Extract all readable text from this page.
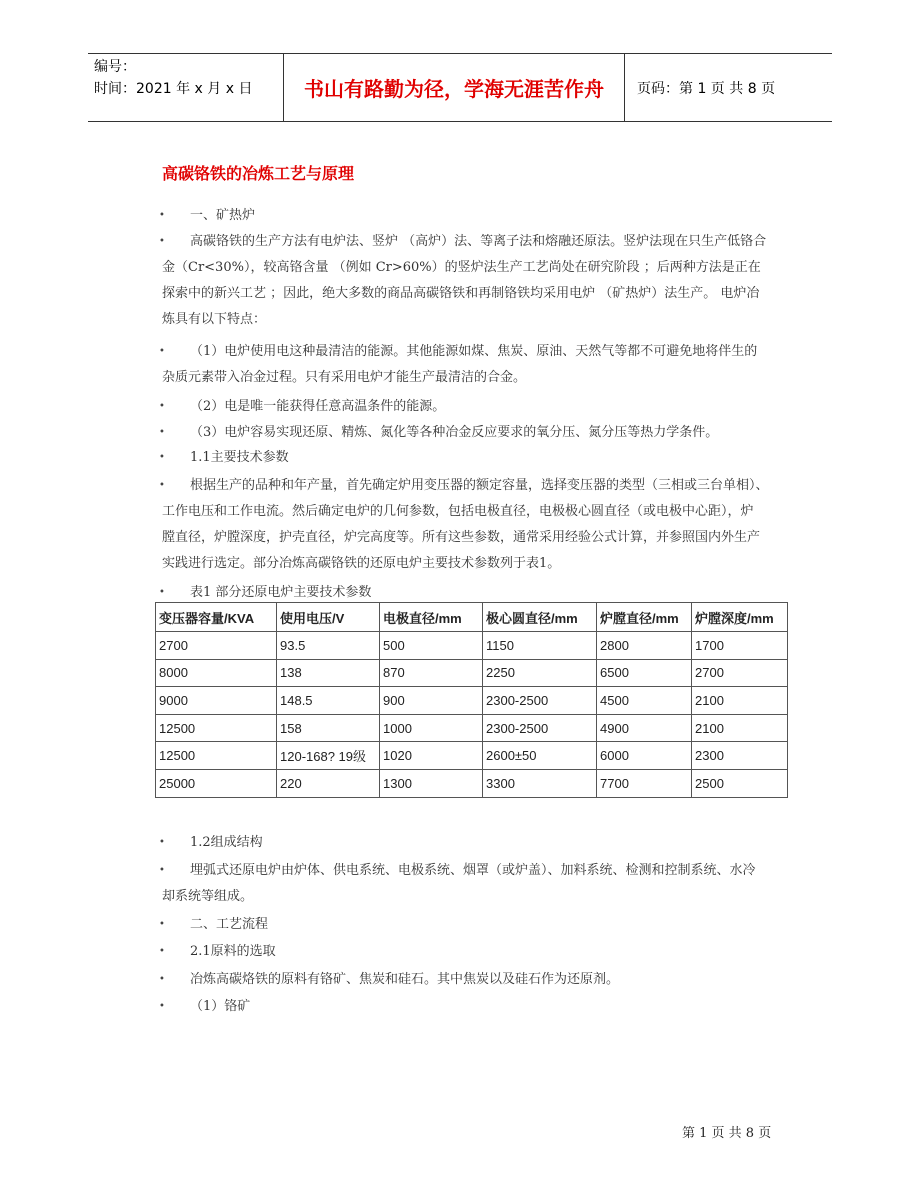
编号：
时间：2021 年 x 月 x 日	书山有路勤为径，学海无涯苦作舟	页码：第 1 页 共 8 页
高碳铬铁的冶炼工艺与原理
•	一、矿热炉
•	高碳铬铁的生产方法有电炉法、竖炉 （高炉）法、等离子法和熔融还原法。竖炉法现在只生产低铬合
金（Cr<30%），较高铬含量 （例如 Cr>60%）的竖炉法生产工艺尚处在研究阶段 ；后两种方法是正在
探索中的新兴工艺 ；因此，绝大多数的商品高碳铬铁和再制铬铁均采用电炉 （矿热炉）法生产。 电炉冶
炼具有以下特点：
•	（1）电炉使用电这种最清洁的能源。其他能源如煤、焦炭、原油、天然气等都不可避免地将伴生的
杂质元素带入冶金过程。只有采用电炉才能生产最清洁的合金。
•	（2）电是唯一能获得任意高温条件的能源。
•	（3）电炉容易实现还原、精炼、氮化等各种冶金反应要求的氧分压、氮分压等热力学条件。
•	1.1主要技术参数
•	根据生产的品种和年产量，首先确定炉用变压器的额定容量，选择变压器的类型（三相或三台单相）、
工作电压和工作电流。然后确定电炉的几何参数，包括电极直径，电极极心圆直径（或电极中心距），炉
膛直径，炉膛深度，护壳直径，炉完高度等。所有这些参数，通常采用经验公式计算，并参照国内外生产
实践进行选定。部分冶炼高碳铬铁的还原电炉主要技术参数列于表1。
•	表1 部分还原电炉主要技术参数
变压器容量/KVA	使用电压/V	电极直径/mm	极心圆直径/mm	炉膛直径/mm	炉膛深度/mm
2700	93.5	500	1150	2800	1700
8000	138	870	2250	6500	2700
9000	148.5	900	2300-2500	4500	2100
12500	158	1000	2300-2500	4900	2100
12500	120-168? 19级	1020	2600±50	6000	2300
25000	220	1300	3300	7700	2500
•	1.2组成结构
•	埋弧式还原电炉由炉体、供电系统、电极系统、烟罩（或炉盖）、加料系统、检测和控制系统、水冷
却系统等组成。
•	二、工艺流程
•	2.1原料的选取
•	冶炼高碳烙铁的原料有铬矿、焦炭和硅石。其中焦炭以及硅石作为还原剂。
•	（1）铬矿
第 1 页 共 8 页
